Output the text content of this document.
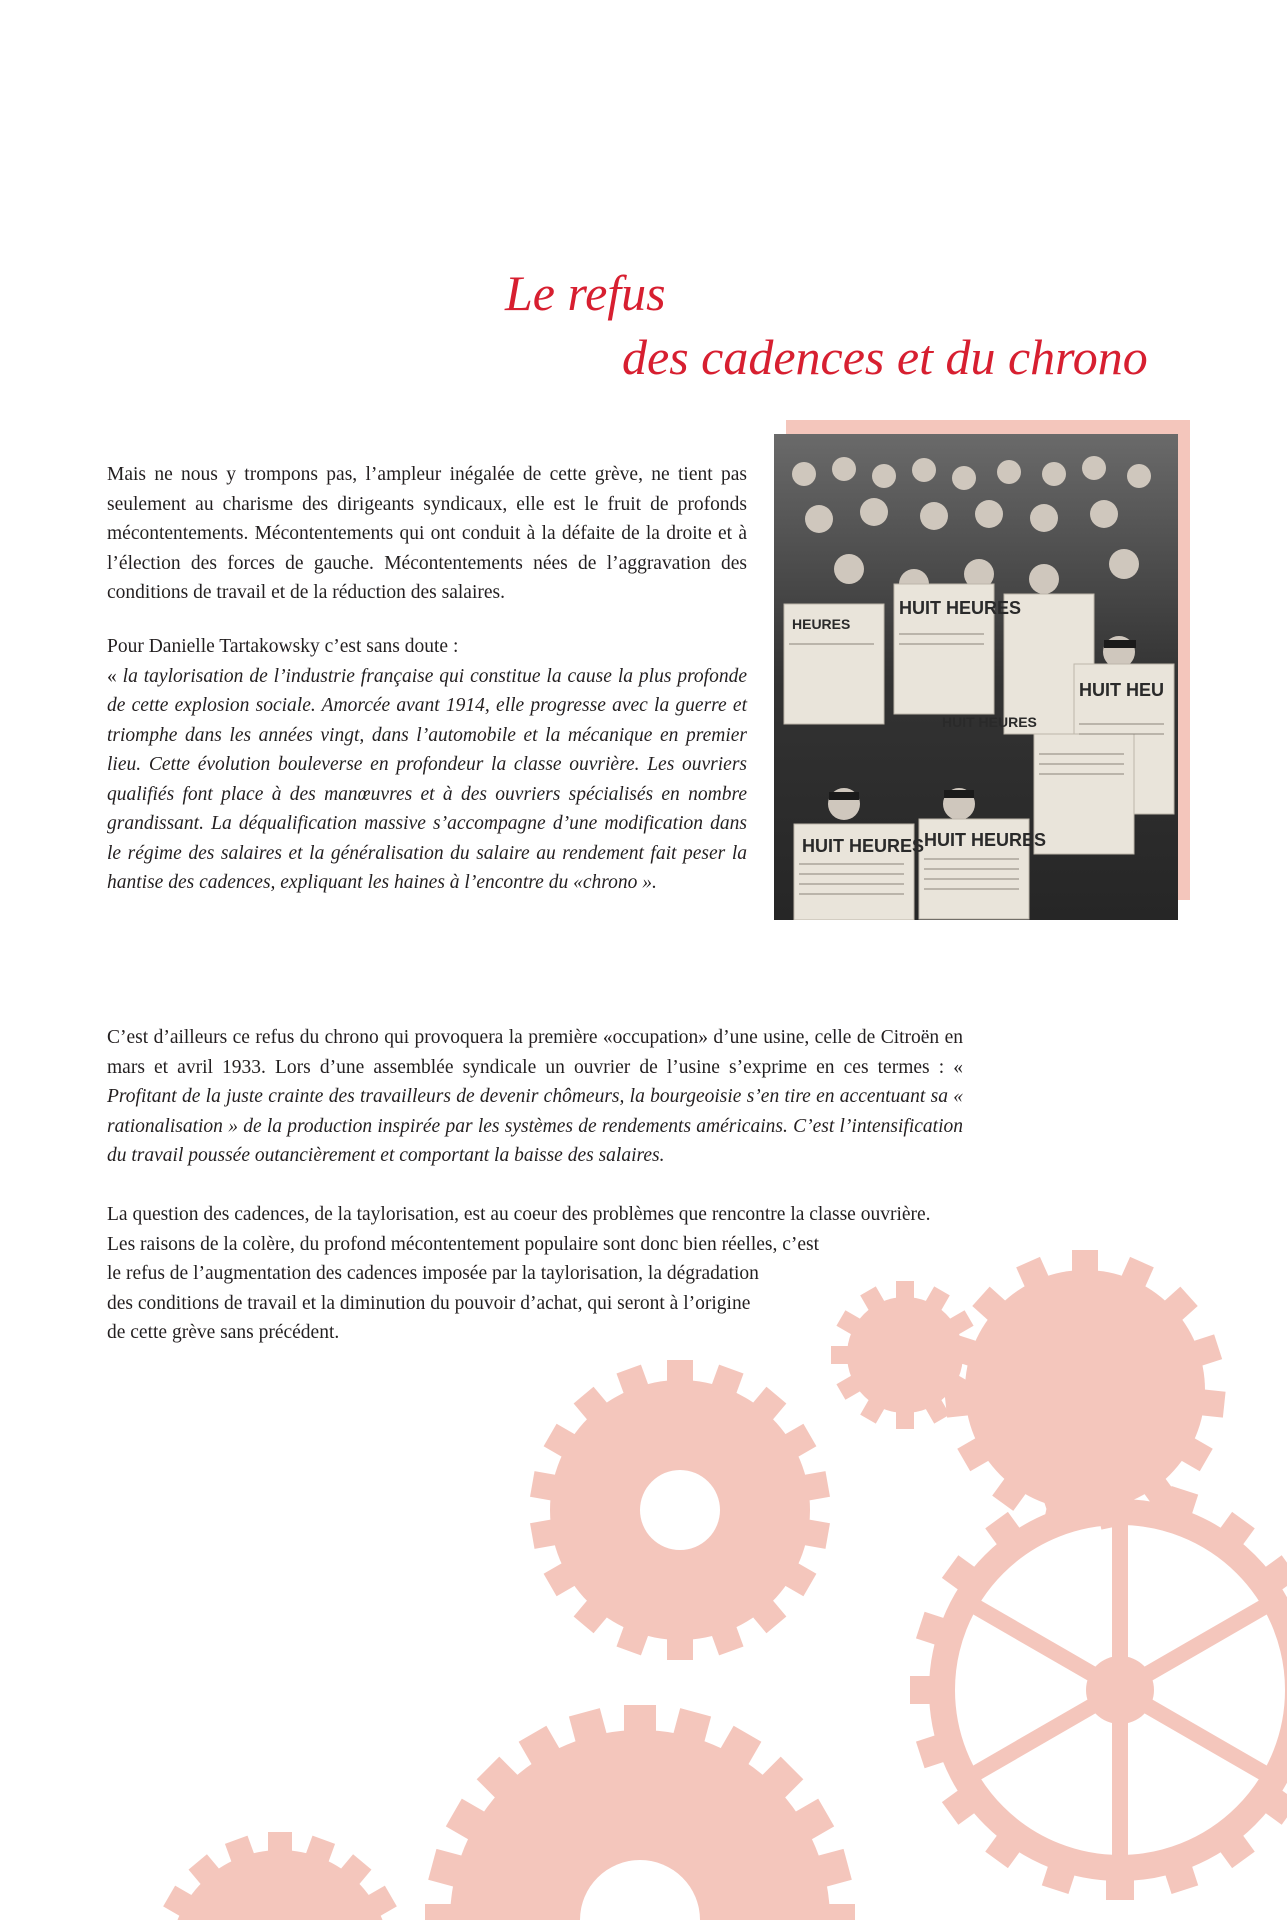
Le refus
des cadences et du chrono
Mais ne nous y trompons pas, l’ampleur inégalée de cette grève, ne tient pas seulement au charisme des dirigeants syndicaux, elle est le fruit de profonds mécontentements. Mécontentements qui ont conduit à la défaite de la droite et à l’élection des forces de gauche. Mécontentements nées de l’aggravation des conditions de travail et de la réduction des salaires.
Pour Danielle Tartakowsky c’est sans doute :
« la taylorisation de l’industrie française qui constitue la cause la plus profonde de cette explosion sociale. Amorcée avant 1914, elle progresse avec la guerre et triomphe dans les années vingt, dans l’automobile et la mécanique en premier lieu. Cette évolution bouleverse en profondeur la classe ouvrière. Les ouvriers qualifiés font place à des manœuvres et à des ouvriers spécialisés en nombre grandissant. La déqualification massive s’accompagne d’une modification dans le régime des salaires et la généralisation du salaire au rendement fait peser la hantise des cadences, expliquant les haines à l’encontre du «chrono ».
HUIT HEURES HUIT HEURES
HUIT HEURES
HEURES
HUIT HEU
HUIT HEURES
C’est d’ailleurs ce refus du chrono qui provoquera la première «occupation» d’une usine, celle de Citroën en mars et avril 1933. Lors d’une assemblée syndicale un ouvrier de l’usine s’exprime en ces termes : « Profitant de la juste crainte des travailleurs de devenir chômeurs, la bourgeoisie s’en tire en accentuant sa « rationalisation » de la production inspirée par les systèmes de rendements américains. C’est l’intensification du travail poussée outancièrement et comportant la baisse des salaires.
La question des cadences, de la taylorisation, est au coeur des problèmes que rencontre la classe ouvrière.
Les raisons de la colère, du profond mécontentement populaire sont donc bien réelles, c’est
le refus de l’augmentation des cadences imposée par la taylorisation, la dégradation
des conditions de travail et la diminution du pouvoir d’achat, qui seront à l’origine
de cette grève sans précédent.
